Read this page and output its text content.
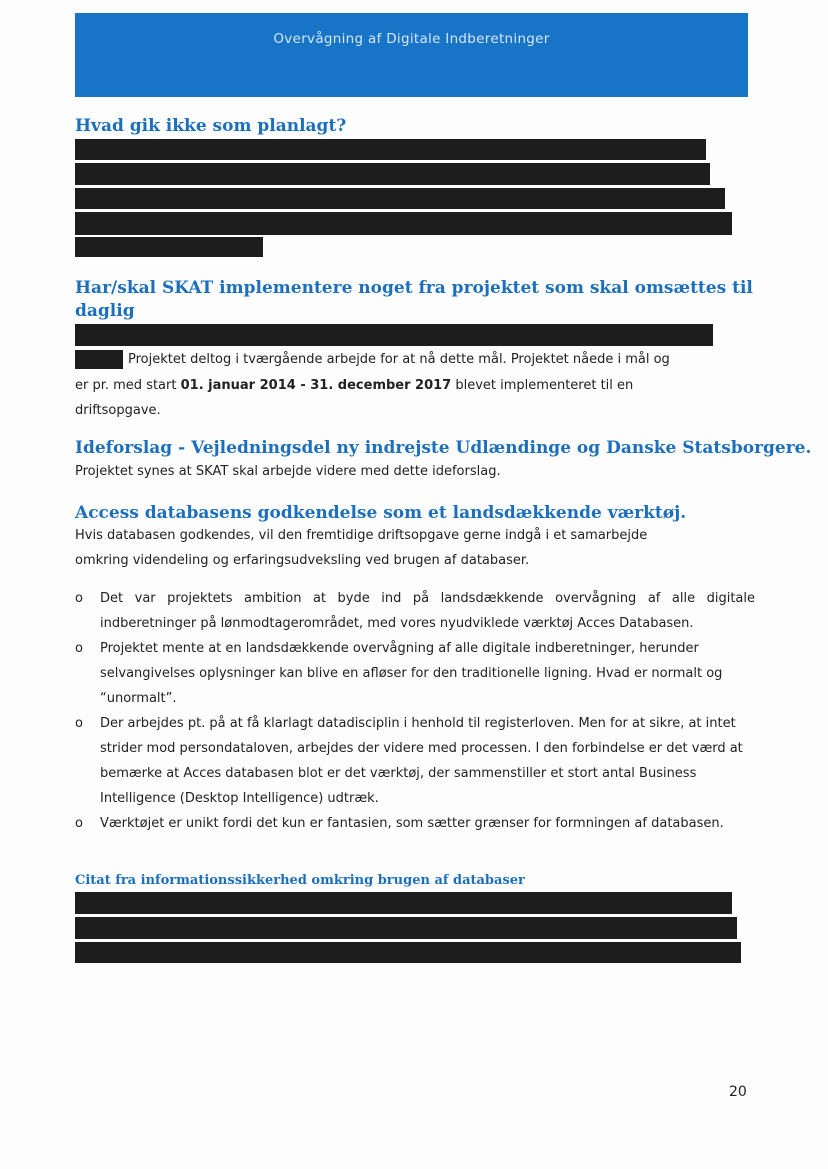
Overvågning af Digitale Indberetninger
Hvad gik ikke som planlagt?
Har/skal SKAT implementere noget fra projektet som skal omsættes til daglig
Projektet deltog i tværgående arbejde for at nå dette mål. Projektet nåede i mål og
er pr. med start 01. januar 2014 - 31. december 2017 blevet implementeret til en
driftsopgave.
Ideforslag - Vejledningsdel ny indrejste Udlændinge og Danske Statsborgere.
Projektet synes at SKAT skal arbejde videre med dette ideforslag.
Access databasens godkendelse som et landsdækkende værktøj.
Hvis databasen godkendes, vil den fremtidige driftsopgave gerne indgå i et samarbejde
omkring videndeling og erfaringsudveksling ved brugen af databaser.
o Det var projektets ambition at byde ind på landsdækkende overvågning af alle digitale indberetninger på lønmodtagerområdet, med vores nyudviklede værktøj Acces Databasen.
o Projektet mente at en landsdækkende overvågning af alle digitale indberetninger, herunder selvangivelses oplysninger kan blive en afløser for den traditionelle ligning. Hvad er normalt og “unormalt”.
o Der arbejdes pt. på at få klarlagt datadisciplin i henhold til registerloven. Men for at sikre, at intet strider mod persondataloven, arbejdes der videre med processen. I den forbindelse er det værd at bemærke at Acces databasen blot er det værktøj, der sammenstiller et stort antal Business Intelligence (Desktop Intelligence) udtræk.
o Værktøjet er unikt fordi det kun er fantasien, som sætter grænser for formningen af databasen.
Citat fra informationssikkerhed omkring brugen af databaser
20
